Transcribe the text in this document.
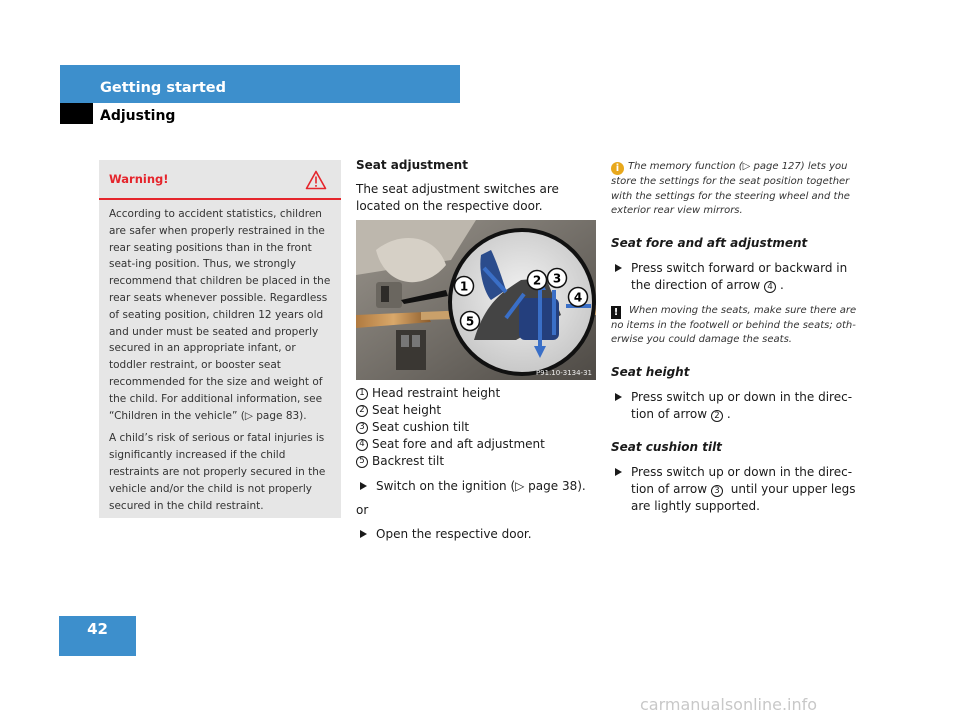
Getting started
Adjusting
Warning!

According to accident statistics, children are safer when properly restrained in the rear seating positions than in the front seat-ing position. Thus, we strongly recommend that children be placed in the rear seats whenever possible. Regardless of seating position, children 12 years old and under must be seated and properly secured in an appropriate infant, or toddler restraint, or booster seat recommended for the size and weight of the child. For additional information, see “Children in the vehicle” (▷ page 83).

A child’s risk of serious or fatal injuries is significantly increased if the child restraints are not properly secured in the vehicle and/or the child is not properly secured in the child restraint.

Seat adjustment

The seat adjustment switches are located on the respective door.

1	2 3
4
5
P91.10-3134-31
1 Head restraint height
2 Seat height
3 Seat cushion tilt
4 Seat fore and aft adjustment
5 Backrest tilt
Switch on the ignition (▷ page 38).
or
Open the respective door.
i The memory function (▷ page 127) lets you store the settings for the seat position together with the settings for the steering wheel and the exterior rear view mirrors.
Seat fore and aft adjustment
Press switch forward or backward in the direction of arrow 4 .
! When moving the seats, make sure there are no items in the footwell or behind the seats; oth-erwise you could damage the seats.
Seat height
Press switch up or down in the direc-tion of arrow 2 .
Seat cushion tilt
Press switch up or down in the direc-tion of arrow 3 until your upper legs are lightly supported.
42
carmanualsonline.info
